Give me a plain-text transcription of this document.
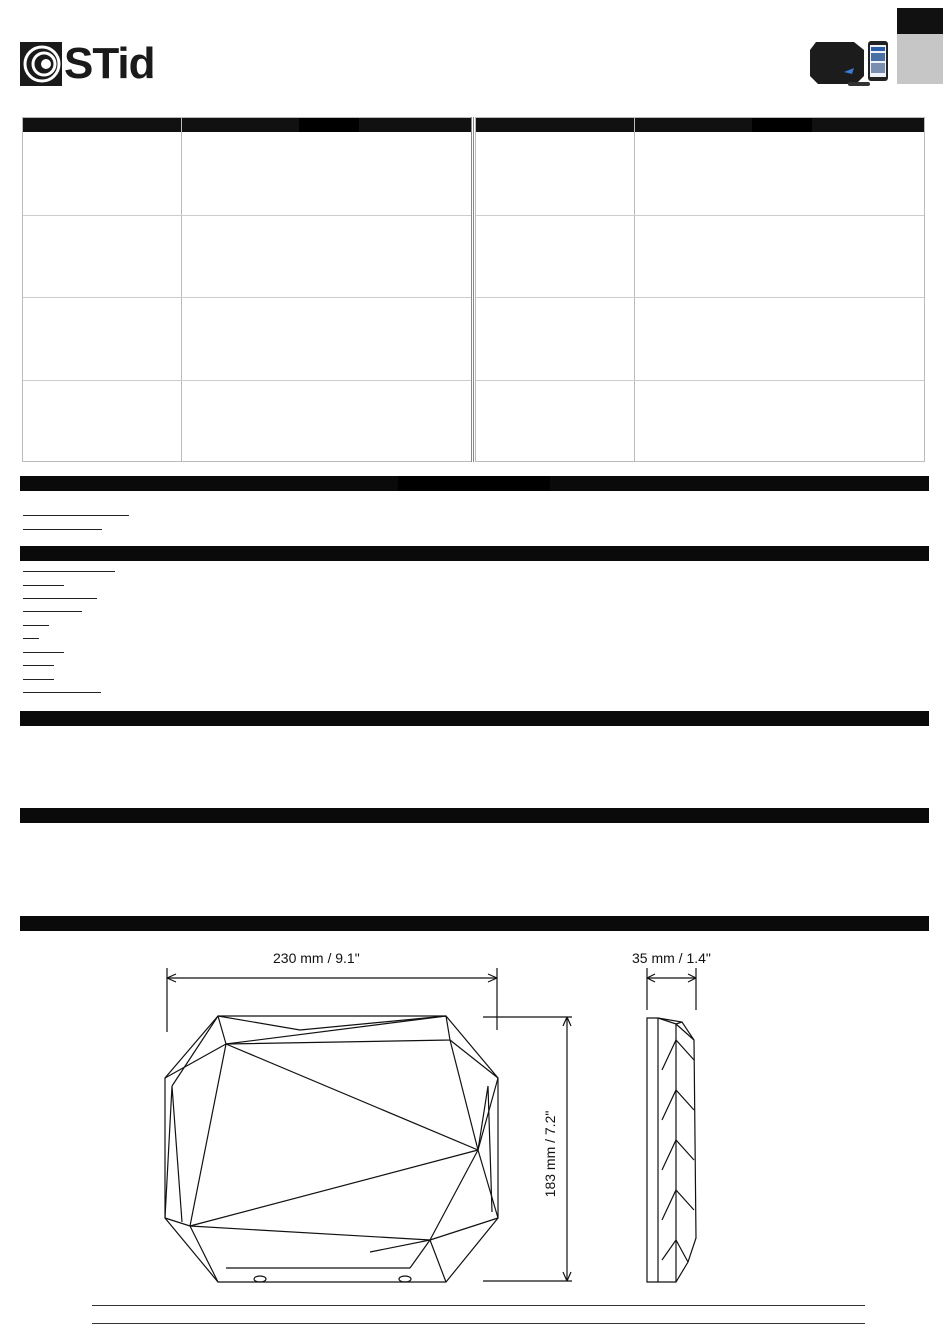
STid
230 mm / 9.1"	35 mm / 1.4"
183 mm / 7.2"
